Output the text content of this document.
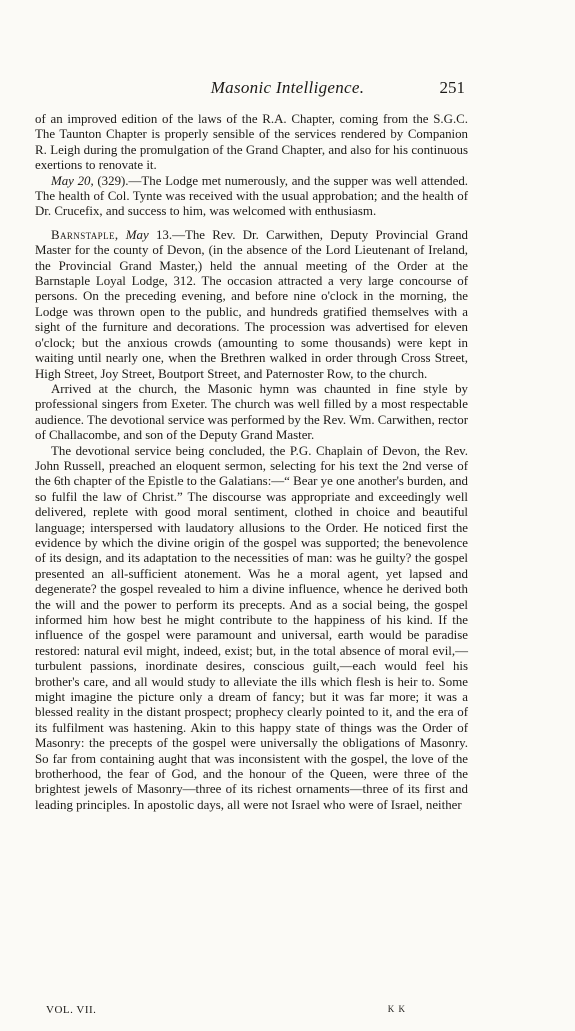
Masonic Intelligence.	251

of an improved edition of the laws of the R.A. Chapter, coming from the S.G.C. The Taunton Chapter is properly sensible of the services rendered by Companion R. Leigh during the promulgation of the Grand Chapter, and also for his continuous exertions to renovate it.

May 20, (329).—The Lodge met numerously, and the supper was well attended. The health of Col. Tynte was received with the usual approbation; and the health of Dr. Crucefix, and success to him, was welcomed with enthusiasm.

Barnstaple, May 13.—The Rev. Dr. Carwithen, Deputy Provincial Grand Master for the county of Devon, (in the absence of the Lord Lieutenant of Ireland, the Provincial Grand Master,) held the annual meeting of the Order at the Barnstaple Loyal Lodge, 312. The occasion attracted a very large concourse of persons. On the preceding evening, and before nine o'clock in the morning, the Lodge was thrown open to the public, and hundreds gratified themselves with a sight of the furniture and decorations. The procession was advertised for eleven o'clock; but the anxious crowds (amounting to some thousands) were kept in waiting until nearly one, when the Brethren walked in order through Cross Street, High Street, Joy Street, Boutport Street, and Paternoster Row, to the church.

Arrived at the church, the Masonic hymn was chaunted in fine style by professional singers from Exeter. The church was well filled by a most respectable audience. The devotional service was performed by the Rev. Wm. Carwithen, rector of Challacombe, and son of the Deputy Grand Master.

The devotional service being concluded, the P.G. Chaplain of Devon, the Rev. John Russell, preached an eloquent sermon, selecting for his text the 2nd verse of the 6th chapter of the Epistle to the Galatians:—“ Bear ye one another's burden, and so fulfil the law of Christ.” The discourse was appropriate and exceedingly well delivered, replete with good moral sentiment, clothed in choice and beautiful language; interspersed with laudatory allusions to the Order. He noticed first the evidence by which the divine origin of the gospel was supported; the benevolence of its design, and its adaptation to the necessities of man: was he guilty? the gospel presented an all-sufficient atonement. Was he a moral agent, yet lapsed and degenerate? the gospel revealed to him a divine influence, whence he derived both the will and the power to perform its precepts. And as a social being, the gospel informed him how best he might contribute to the happiness of his kind. If the influence of the gospel were paramount and universal, earth would be paradise restored: natural evil might, indeed, exist; but, in the total absence of moral evil,—turbulent passions, inordinate desires, conscious guilt,—each would feel his brother's care, and all would study to alleviate the ills which flesh is heir to. Some might imagine the picture only a dream of fancy; but it was far more; it was a blessed reality in the distant prospect; prophecy clearly pointed to it, and the era of its fulfilment was hastening. Akin to this happy state of things was the Order of Masonry: the precepts of the gospel were universally the obligations of Masonry. So far from containing aught that was inconsistent with the gospel, the love of the brotherhood, the fear of God, and the honour of the Queen, were three of the brightest jewels of Masonry—three of its richest ornaments—three of its first and leading principles. In apostolic days, all were not Israel who were of Israel, neither

VOL. VII.	K K
